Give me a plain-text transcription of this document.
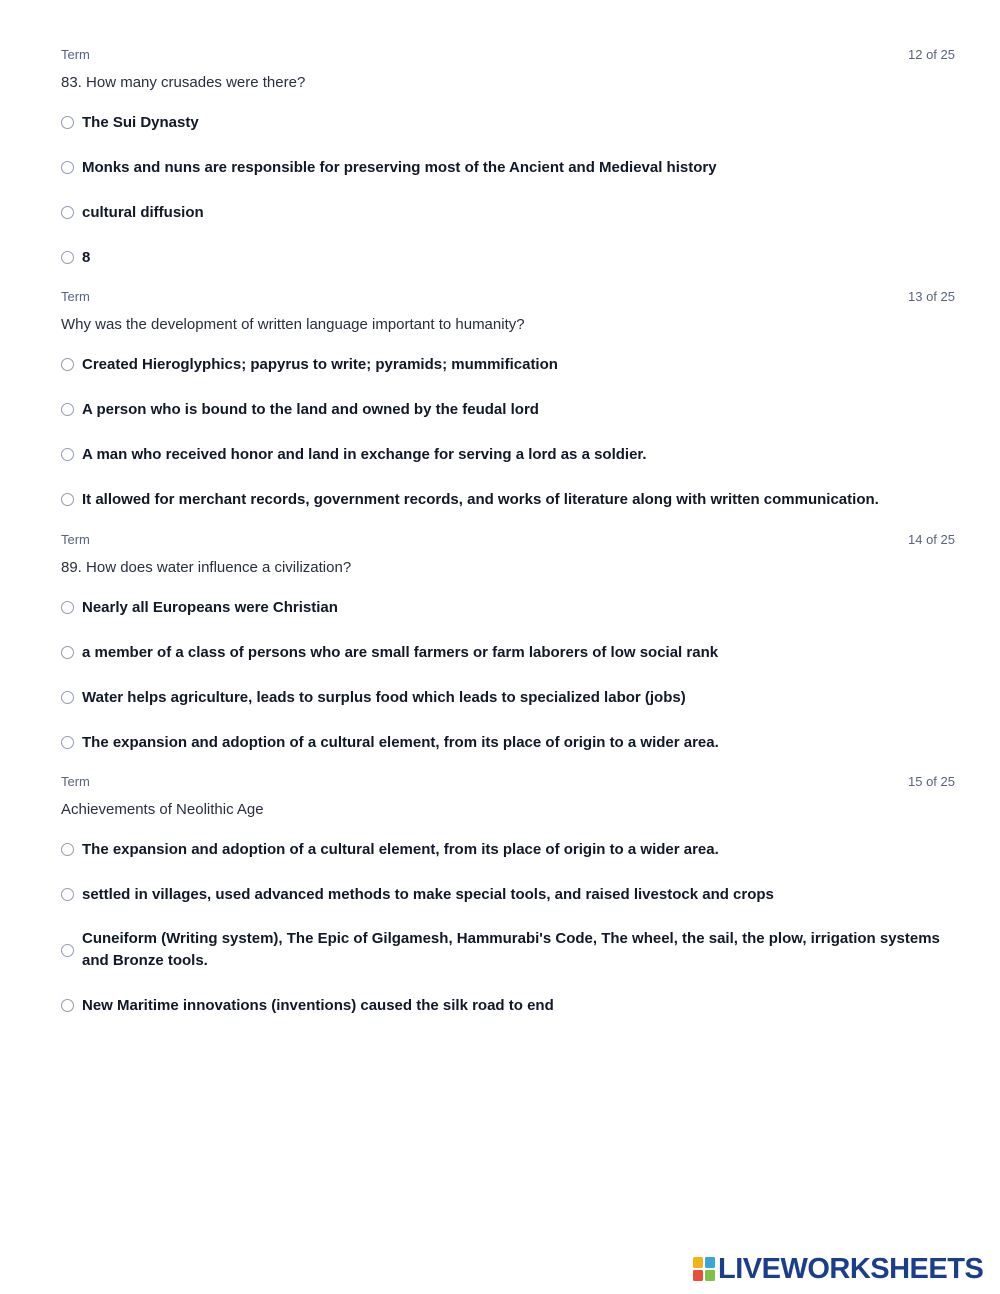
Term	12 of 25
83. How many crusades were there?
The Sui Dynasty
Monks and nuns are responsible for preserving most of the Ancient and Medieval history
cultural diffusion
8
Term	13 of 25
Why was the development of written language important to humanity?
Created Hieroglyphics; papyrus to write; pyramids; mummification
A person who is bound to the land and owned by the feudal lord
A man who received honor and land in exchange for serving a lord as a soldier.
It allowed for merchant records, government records, and works of literature along with written communication.
Term	14 of 25
89. How does water influence a civilization?
Nearly all Europeans were Christian
a member of a class of persons who are small farmers or farm laborers of low social rank
Water helps agriculture, leads to surplus food which leads to specialized labor (jobs)
The expansion and adoption of a cultural element, from its place of origin to a wider area.
Term	15 of 25
Achievements of Neolithic Age
The expansion and adoption of a cultural element, from its place of origin to a wider area.
settled in villages, used advanced methods to make special tools, and raised livestock and crops
Cuneiform (Writing system), The Epic of Gilgamesh, Hammurabi's Code, The wheel, the sail, the plow, irrigation systems and Bronze tools.
New Maritime innovations (inventions) caused the silk road to end
LIVEWORKSHEETS
